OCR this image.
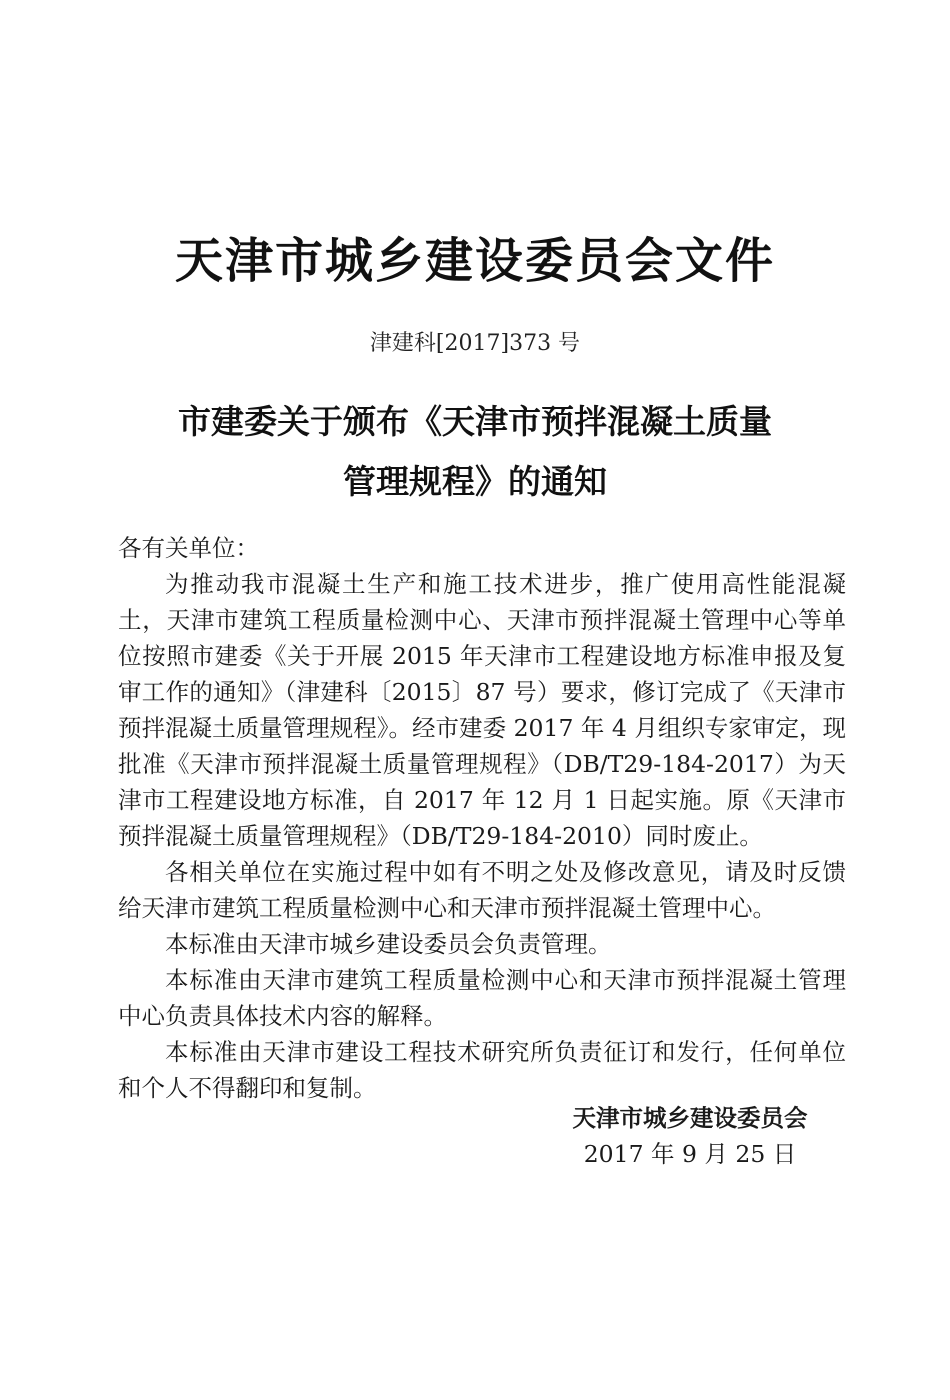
天津市城乡建设委员会文件
津建科[2017]373 号
市建委关于颁布《天津市预拌混凝土质量
管理规程》的通知

各有关单位：

为推动我市混凝土生产和施工技术进步，推广使用高性能混凝土，天津市建筑工程质量检测中心、天津市预拌混凝土管理中心等单位按照市建委《关于开展 2015 年天津市工程建设地方标准申报及复审工作的通知》（津建科〔2015〕87 号）要求，修订完成了《天津市预拌混凝土质量管理规程》。经市建委 2017 年 4 月组织专家审定，现批准《天津市预拌混凝土质量管理规程》（DB/T29-184-2017）为天津市工程建设地方标准，自 2017 年 12 月 1 日起实施。原《天津市预拌混凝土质量管理规程》（DB/T29-184-2010）同时废止。

各相关单位在实施过程中如有不明之处及修改意见，请及时反馈给天津市建筑工程质量检测中心和天津市预拌混凝土管理中心。

本标准由天津市城乡建设委员会负责管理。

本标准由天津市建筑工程质量检测中心和天津市预拌混凝土管理中心负责具体技术内容的解释。

本标准由天津市建设工程技术研究所负责征订和发行，任何单位和个人不得翻印和复制。

天津市城乡建设委员会
2017 年 9 月 25 日
